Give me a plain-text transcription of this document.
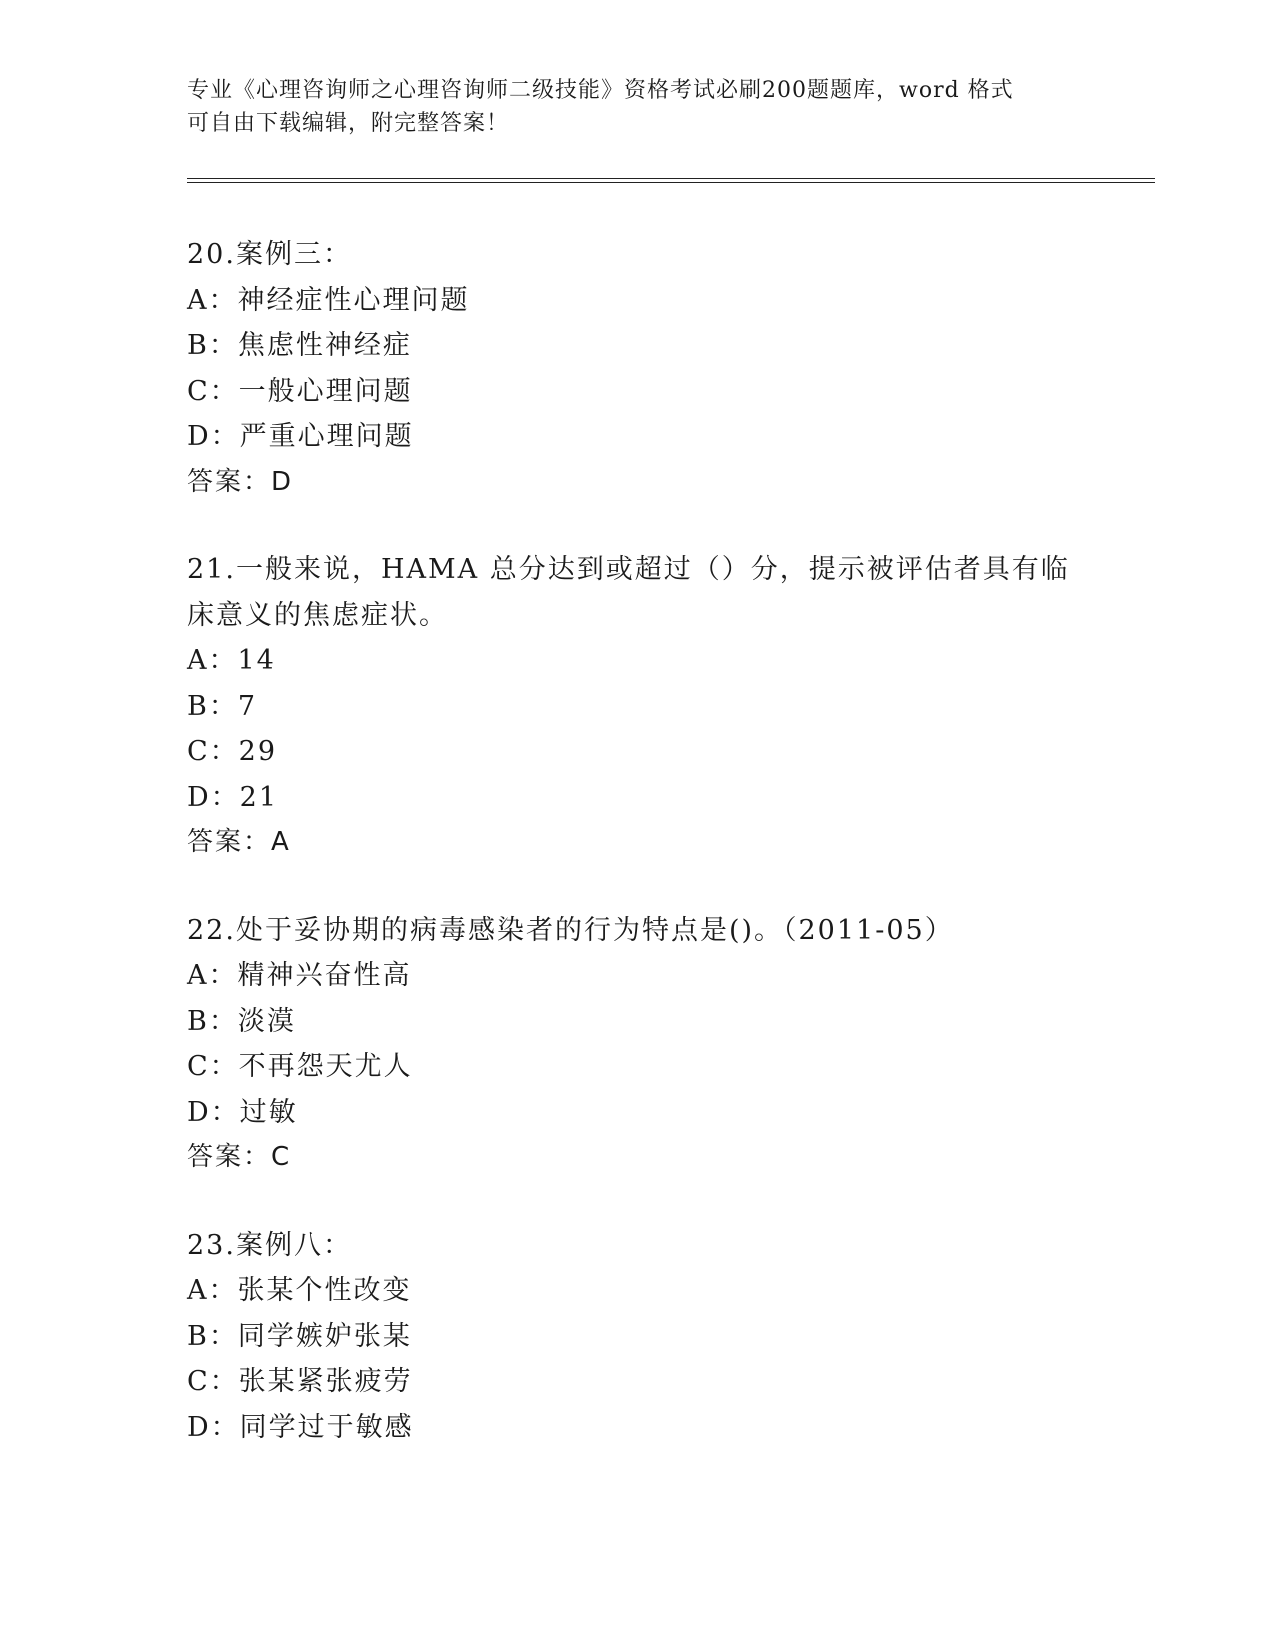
专业《心理咨询师之心理咨询师二级技能》资格考试必刷200题题库，word 格式
可自由下载编辑，附完整答案！
20.案例三：
A：神经症性心理问题
B：焦虑性神经症
C：一般心理问题
D：严重心理问题
答案：D
21.一般来说，HAMA 总分达到或超过（）分，提示被评估者具有临床意义的焦虑症状。
A：14
B：7
C：29
D：21
答案：A
22.处于妥协期的病毒感染者的行为特点是()。（2011-05）
A：精神兴奋性高
B：淡漠
C：不再怨天尤人
D：过敏
答案：C
23.案例八：
A：张某个性改变
B：同学嫉妒张某
C：张某紧张疲劳
D：同学过于敏感
